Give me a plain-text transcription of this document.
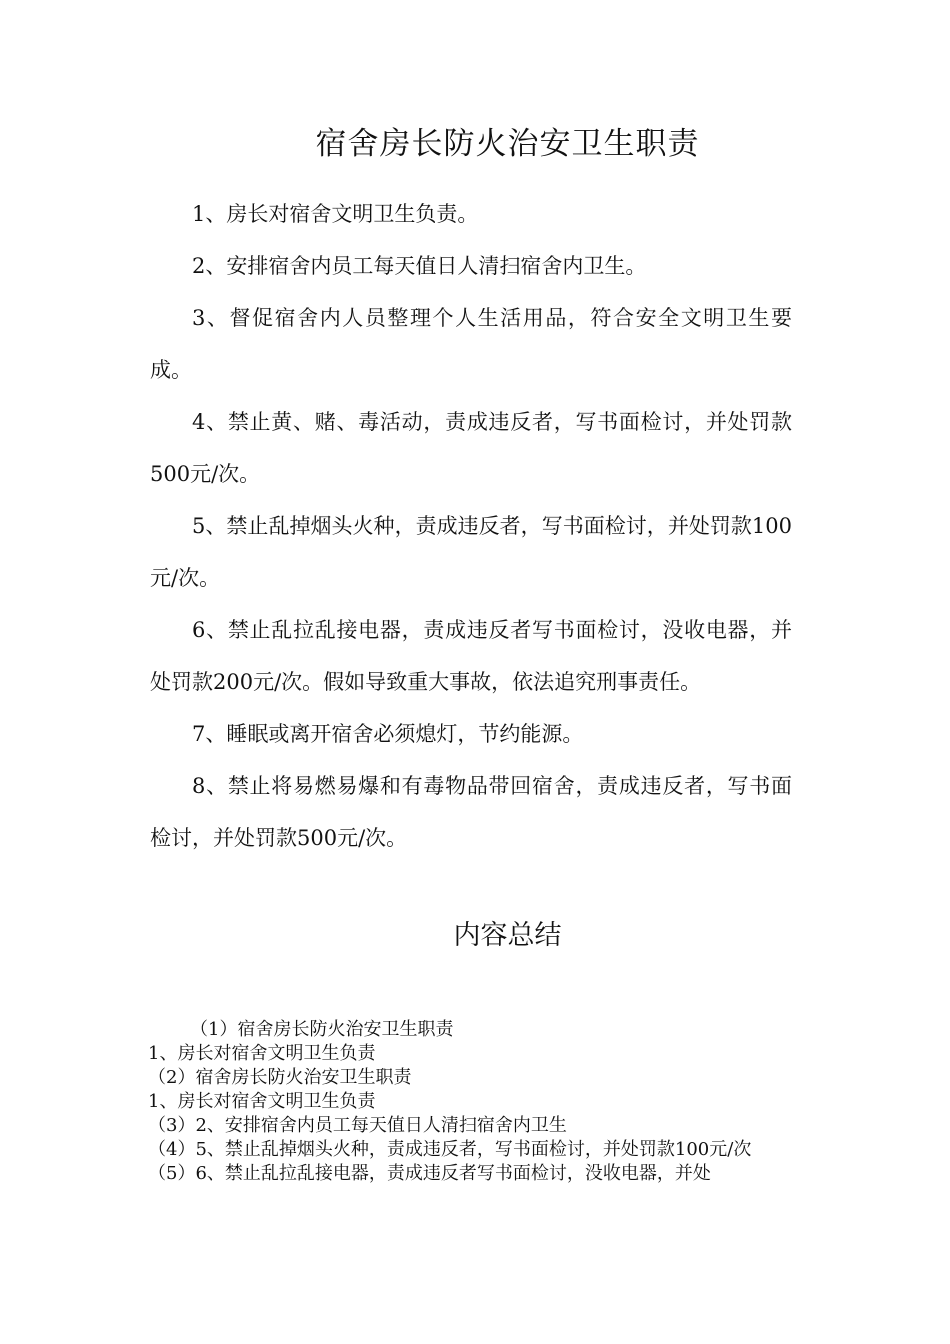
宿舍房长防火治安卫生职责

1、房长对宿舍文明卫生负责。

2、安排宿舍内员工每天值日人清扫宿舍内卫生。

3、督促宿舍内人员整理个人生活用品，符合安全文明卫生要成。

4、禁止黄、赌、毒活动，责成违反者，写书面检讨，并处罚款500元/次。

5、禁止乱掉烟头火种，责成违反者，写书面检讨，并处罚款100元/次。

6、禁止乱拉乱接电器，责成违反者写书面检讨，没收电器，并处罚款200元/次。假如导致重大事故，依法追究刑事责任。

7、睡眠或离开宿舍必须熄灯，节约能源。

8、禁止将易燃易爆和有毒物品带回宿舍，责成违反者，写书面检讨，并处罚款500元/次。

内容总结

（1）宿舍房长防火治安卫生职责

1、房长对宿舍文明卫生负责

（2）宿舍房长防火治安卫生职责

1、房长对宿舍文明卫生负责

（3）2、安排宿舍内员工每天值日人清扫宿舍内卫生

（4）5、禁止乱掉烟头火种，责成违反者，写书面检讨，并处罚款100元/次

（5）6、禁止乱拉乱接电器，责成违反者写书面检讨，没收电器，并处
